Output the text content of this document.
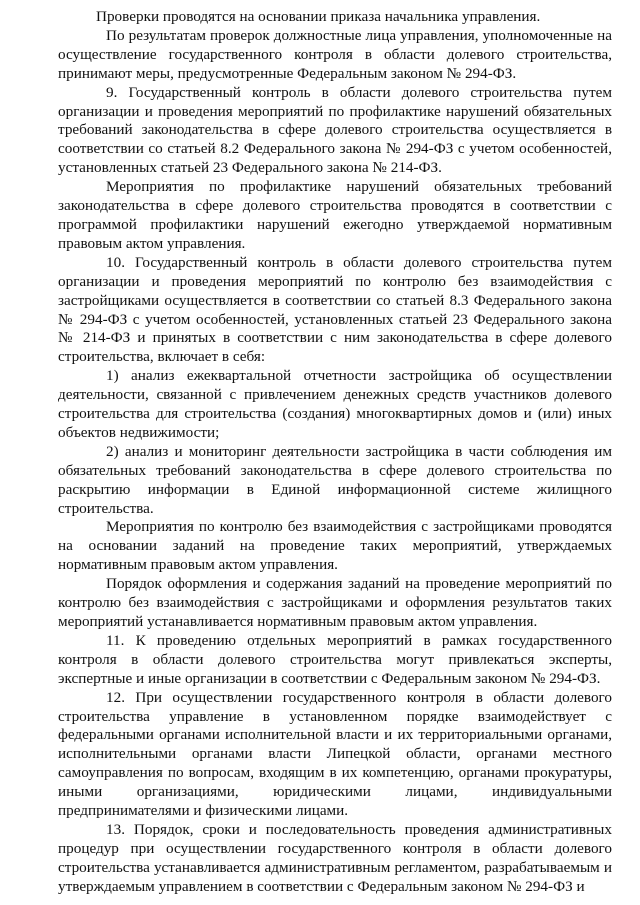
Проверки проводятся на основании приказа начальника управления.

По результатам проверок должностные лица управления, уполномоченные на осуществление государственного контроля в области долевого строительства, принимают меры, предусмотренные Федеральным законом № 294-ФЗ.

9. Государственный контроль в области долевого строительства путем организации и проведения мероприятий по профилактике нарушений обязательных требований законодательства в сфере долевого строительства осуществляется в соответствии со статьей 8.2 Федерального закона № 294-ФЗ с учетом особенностей, установленных статьей 23 Федерального закона № 214-ФЗ.

Мероприятия по профилактике нарушений обязательных требований законодательства в сфере долевого строительства проводятся в соответствии с программой профилактики нарушений ежегодно утверждаемой нормативным правовым актом управления.

10. Государственный контроль в области долевого строительства путем организации и проведения мероприятий по контролю без взаимодействия с застройщиками осуществляется в соответствии со статьей 8.3 Федерального закона № 294-ФЗ с учетом особенностей, установленных статьей 23 Федерального закона № 214-ФЗ и принятых в соответствии с ним законодательства в сфере долевого строительства, включает в себя:

1) анализ ежеквартальной отчетности застройщика об осуществлении деятельности, связанной с привлечением денежных средств участников долевого строительства для строительства (создания) многоквартирных домов и (или) иных объектов недвижимости;

2) анализ и мониторинг деятельности застройщика в части соблюдения им обязательных требований законодательства в сфере долевого строительства по раскрытию информации в Единой информационной системе жилищного строительства.

Мероприятия по контролю без взаимодействия с застройщиками проводятся на основании заданий на проведение таких мероприятий, утверждаемых нормативным правовым актом управления.

Порядок оформления и содержания заданий на проведение мероприятий по контролю без взаимодействия с застройщиками и оформления результатов таких мероприятий устанавливается нормативным правовым актом управления.

11. К проведению отдельных мероприятий в рамках государственного контроля в области долевого строительства могут привлекаться эксперты, экспертные и иные организации в соответствии с Федеральным законом № 294-ФЗ.

12. При осуществлении государственного контроля в области долевого строительства управление в установленном порядке взаимодействует с федеральными органами исполнительной власти и их территориальными органами, исполнительными органами власти Липецкой области, органами местного самоуправления по вопросам, входящим в их компетенцию, органами прокуратуры, иными организациями, юридическими лицами, индивидуальными предпринимателями и физическими лицами.

13. Порядок, сроки и последовательность проведения административных процедур при осуществлении государственного контроля в области долевого строительства устанавливается административным регламентом, разрабатываемым и утверждаемым управлением в соответствии с Федеральным законом № 294-ФЗ и
